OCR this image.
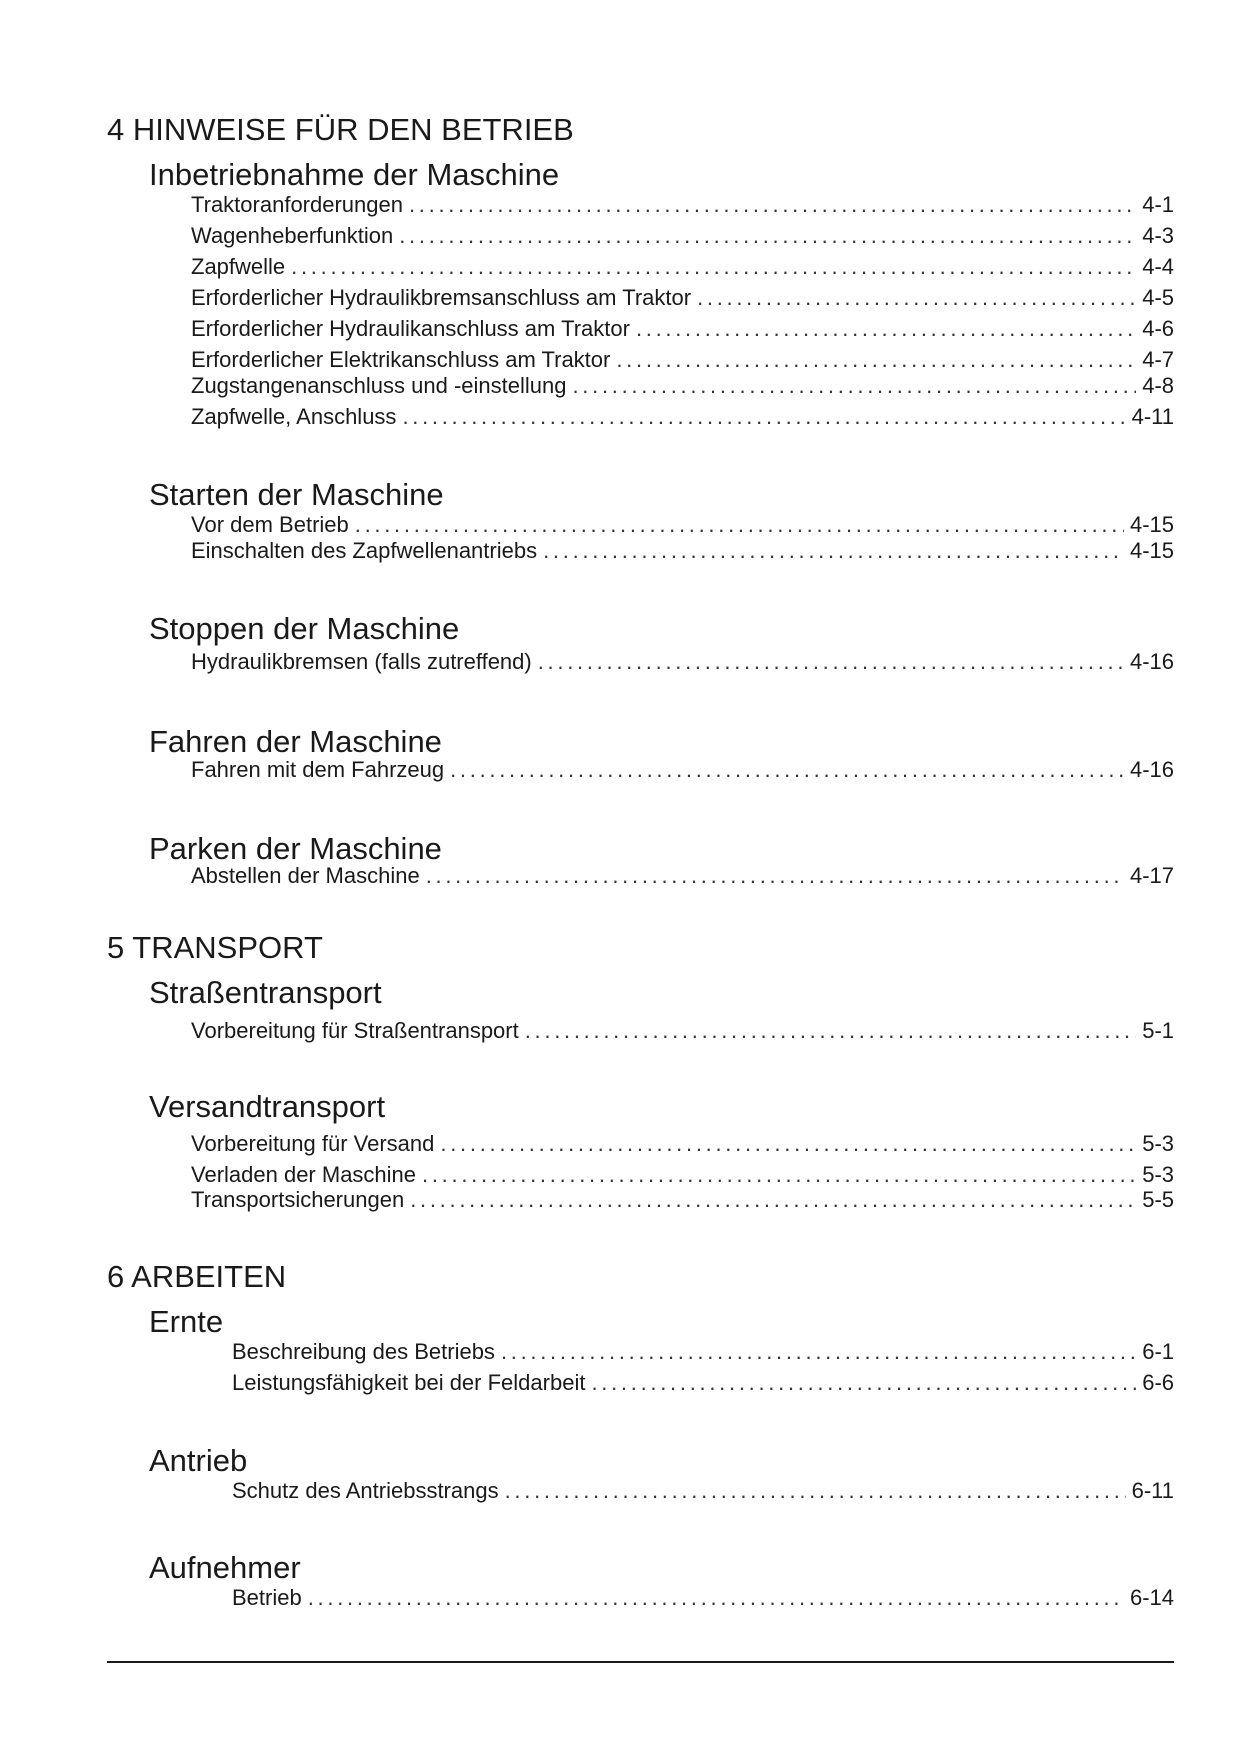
4 HINWEISE FÜR DEN BETRIEB
Inbetriebnahme der Maschine
Traktoranforderungen . . .	4-1
Wagenheberfunktion . . .	4-3
Zapfwelle . . .	4-4
Erforderlicher Hydraulikbremsanschluss am Traktor . . .	4-5
Erforderlicher Hydraulikanschluss am Traktor . . .	4-6
Erforderlicher Elektrikanschluss am Traktor . . .	4-7
Zugstangenanschluss und -einstellung . . .	4-8
Zapfwelle, Anschluss . . .	4-11
Starten der Maschine
Vor dem Betrieb . . .	4-15
Einschalten des Zapfwellenantriebs . . .	4-15
Stoppen der Maschine
Hydraulikbremsen (falls zutreffend) . . .	4-16
Fahren der Maschine
Fahren mit dem Fahrzeug . . .	4-16
Parken der Maschine
Abstellen der Maschine . . .	4-17
5 TRANSPORT
Straßentransport
Vorbereitung für Straßentransport . . .	5-1
Versandtransport
Vorbereitung für Versand . . .	5-3
Verladen der Maschine . . .	5-3
Transportsicherungen . . .	5-5
6 ARBEITEN
Ernte
Beschreibung des Betriebs . . .	6-1
Leistungsfähigkeit bei der Feldarbeit . . .	6-6
Antrieb
Schutz des Antriebsstrangs . . .	6-11
Aufnehmer
Betrieb . . .	6-14
